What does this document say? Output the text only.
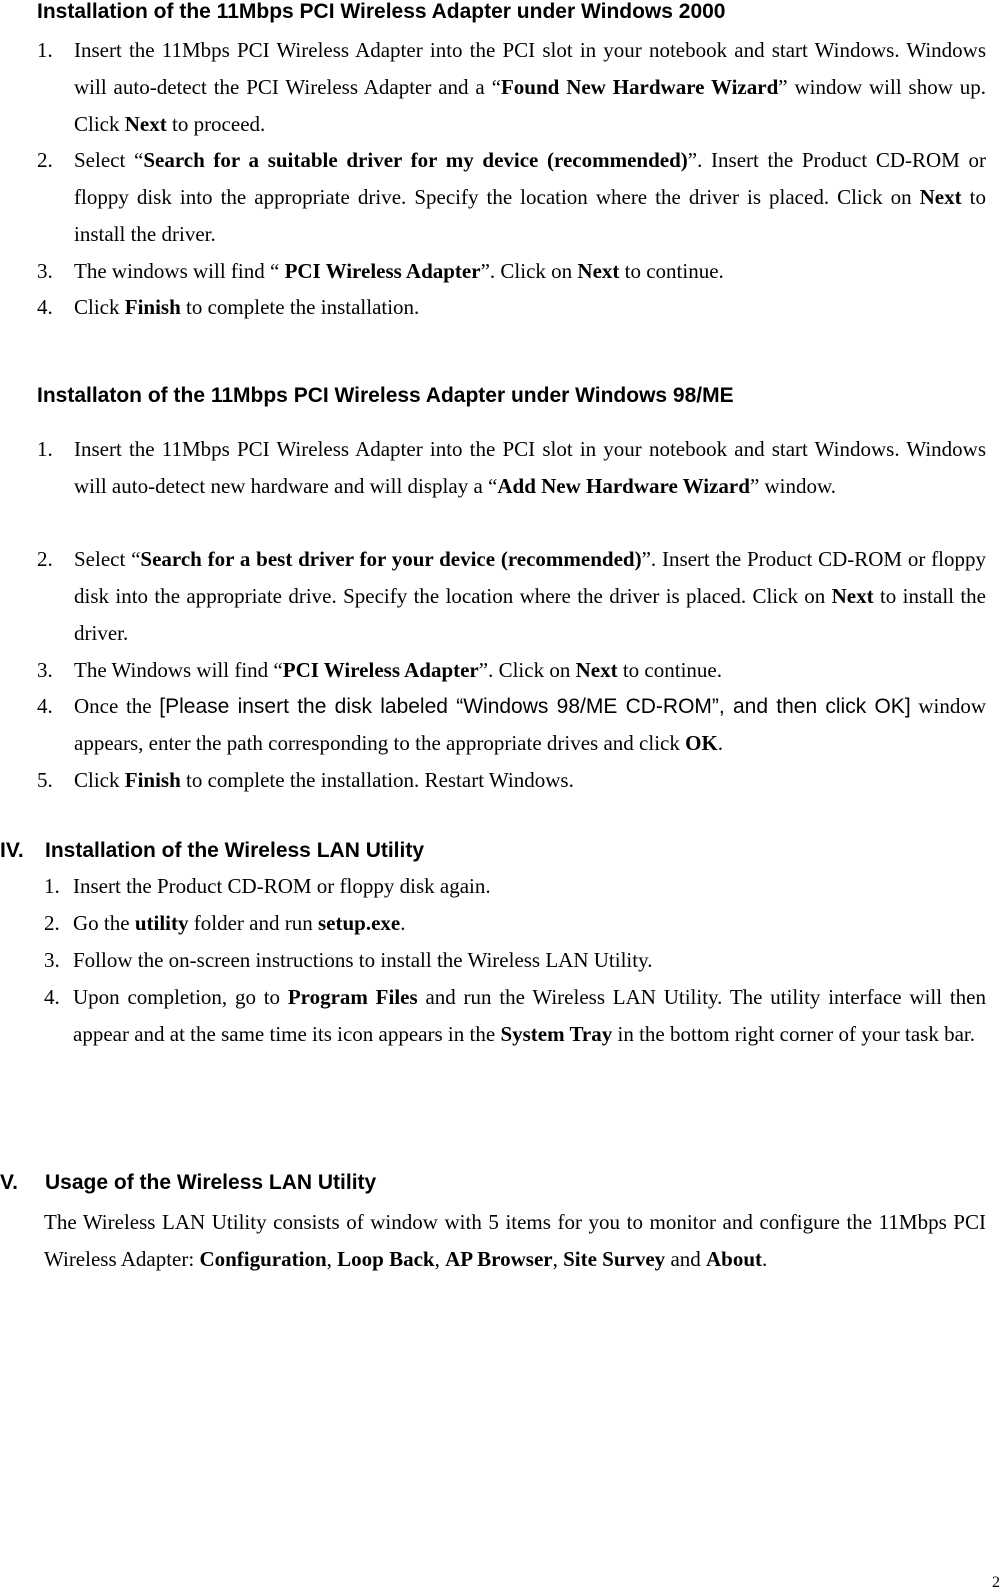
Installation of the 11Mbps PCI Wireless Adapter under Windows 2000
1. Insert the 11Mbps PCI Wireless Adapter into the PCI slot in your notebook and start Windows. Windows will auto-detect the PCI Wireless Adapter and a “Found New Hardware Wizard” window will show up. Click Next to proceed.
2. Select “Search for a suitable driver for my device (recommended)”. Insert the Product CD-ROM or floppy disk into the appropriate drive. Specify the location where the driver is placed. Click on Next to install the driver.
3. The windows will find “ PCI Wireless Adapter”. Click on Next to continue.
4. Click Finish to complete the installation.
Installaton of the 11Mbps PCI Wireless Adapter under Windows 98/ME
1. Insert the 11Mbps PCI Wireless Adapter into the PCI slot in your notebook and start Windows. Windows will auto-detect new hardware and will display a “Add New Hardware Wizard” window.
2. Select “Search for a best driver for your device (recommended)”. Insert the Product CD-ROM or floppy disk into the appropriate drive. Specify the location where the driver is placed. Click on Next to install the driver.
3. The Windows will find “PCI Wireless Adapter”. Click on Next to continue.
4. Once the [Please insert the disk labeled “Windows 98/ME CD-ROM”, and then click OK] window appears, enter the path corresponding to the appropriate drives and click OK.
5. Click Finish to complete the installation. Restart Windows.
IV. Installation of the Wireless LAN Utility
1. Insert the Product CD-ROM or floppy disk again.
2. Go the utility folder and run setup.exe.
3. Follow the on-screen instructions to install the Wireless LAN Utility.
4. Upon completion, go to Program Files and run the Wireless LAN Utility. The utility interface will then appear and at the same time its icon appears in the System Tray in the bottom right corner of your task bar.
V. Usage of the Wireless LAN Utility

The Wireless LAN Utility consists of window with 5 items for you to monitor and configure the 11Mbps PCI Wireless Adapter: Configuration, Loop Back, AP Browser, Site Survey and About.

2
